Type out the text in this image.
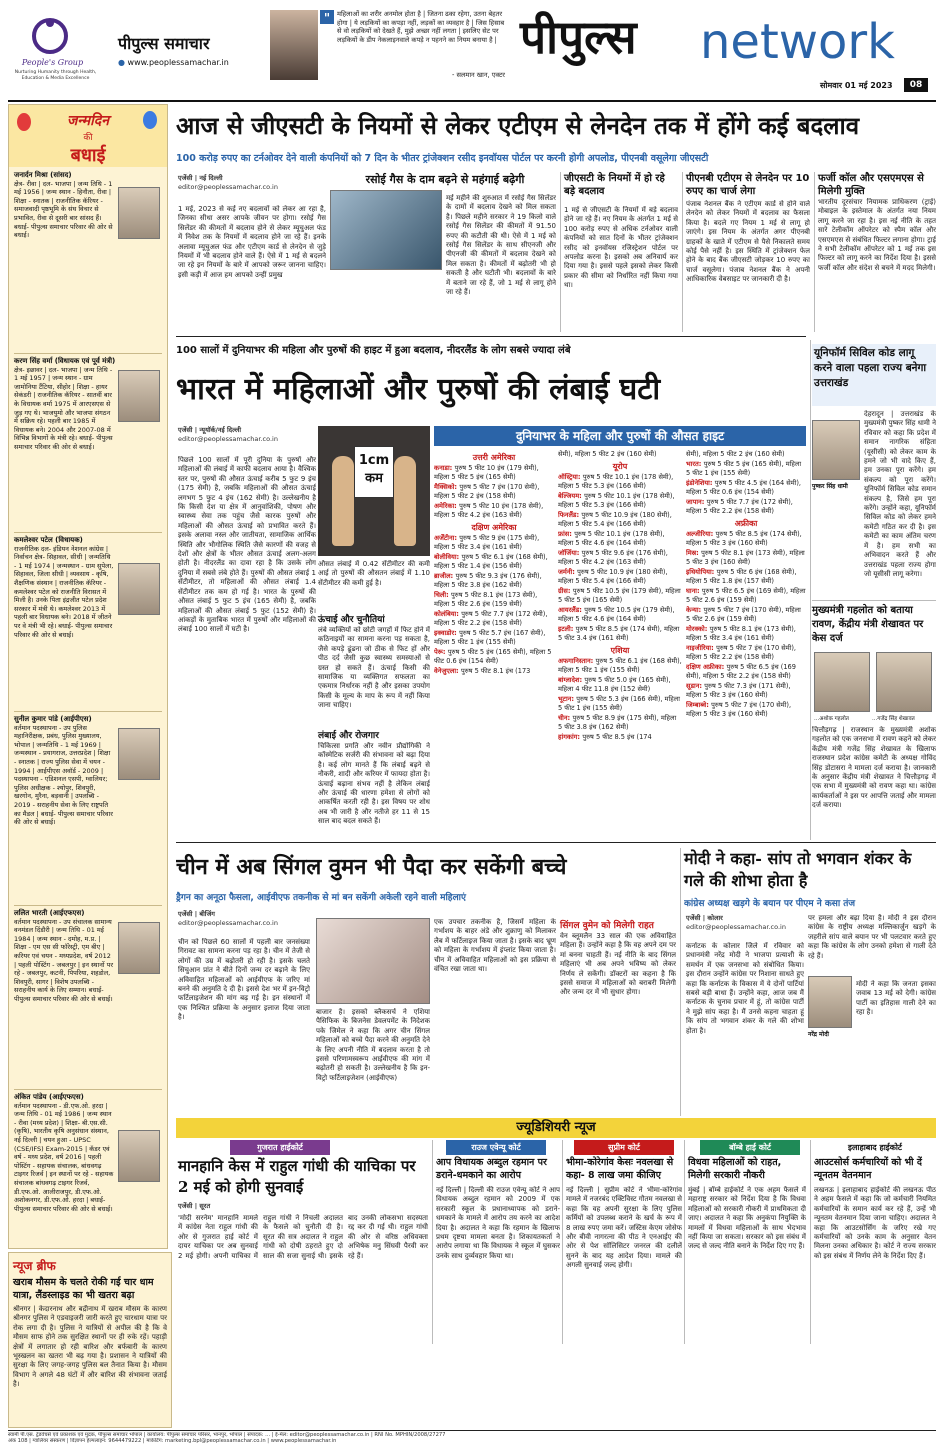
People's Group
Nurturing Humanity through Health, Education & Media Excellence
पीपुल्स समाचार
● www.peoplessamachar.in
"	महिलाओं का शरीर अनमोल होता है | जितना ढका रहेगा, उतना बेहतर होगा | ये लड़कियों का कपड़ा नहीं, लड़कों का व्यवहार है | जिस हिसाब से वो लड़कियों को देखते हैं, मुझे अच्छा नहीं लगता | इसलिए सेट पर लड़कियों के डीप नेकलाइनवाले कपड़े न पहनने का नियम बनाया है |
- सलमान खान, एक्टर
पीपुल्स network
सोमवार 01 मई 2023	08
जन्मदिन
की
बधाई
जनार्दन मिश्रा (सांसद)
क्षेत्र- रीवा | दल- भाजपा | जन्म तिथि - 1 मई 1956 | जन्म स्थान - हिनौता, रीवा | शिक्षा - स्नातक | राजनीतिक कॅरियर - समाजवादी पृष्ठभूमि के संघ विचार से प्रभावित, रीवा से दूसरी बार सांसद हैं। बधाई- पीपुल्स समाचार परिवार की ओर से बधाई।
करण सिंह वर्मा (विधायक एवं पूर्व मंत्री)
क्षेत्र- इछावर | दल- भाजपा | जन्म तिथि - 1 मई 1957 | जन्म स्थान - ग्राम जामोनिया टैंटिया, सीहोर | शिक्षा - हायर सेकंडरी | राजनीतिक कॅरियर - सातवीं बार के विधायक वर्मा 1975 में आरएसएस से जुड़ गए थे। भाजयुमो और भाजपा संगठन में सक्रिय रहे। पहली बार 1985 में विधायक बने। 2004 और 2007-08 में विभिन्न विभागों के मंत्री रहे। बधाई- पीपुल्स समाचार परिवार की ओर से बधाई।
कमलेश्वर पटेल (विधायक)
राजनीतिक दल- इंडियन नेशनल कांग्रेस | निर्वाचन क्षेत्र- सिहावल, सीधी | जन्मतिथि - 1 मई 1974 | जन्मस्थान - ग्राम सुपेला, सिहावल, जिला सीधी | व्यवसाय - कृषि, शैक्षणिक संस्थान | राजनीतिक कॅरियर - कमलेश्वर पटेल को राजनीति विरासत में मिली है। उनके पिता इंद्रजीत पटेल प्रदेश सरकार में मंत्री थे। कमलेश्वर 2013 में पहली बार विधायक बने। 2018 में जीतने पर वे मंत्री भी रहे। बधाई- पीपुल्स समाचार परिवार की ओर से बधाई।
सुनील कुमार पांडे (आईपीएस)
वर्तमान पदस्थापना - उप पुलिस महानिरीक्षक, प्रबंध, पुलिस मुख्यालय, भोपाल | जन्मतिथि - 1 मई 1969 | जन्मस्थान - प्रयागराज, उत्तरप्रदेश | शिक्षा - स्नातक | राज्य पुलिस सेवा में चयन - 1994 | आईपीएस अवॉर्ड - 2009 | पदस्थापना - एडिशनल एसपी, ग्वालियर; पुलिस अधीक्षक - श्योपुर, शिवपुरी, खरगोन, मुरैना, बड़वानी | उपलब्धि - 2019 - सराहनीय सेवा के लिए राष्ट्रपति का मैडल | बधाई- पीपुल्स समाचार परिवार की ओर से बधाई।
ललित भारती (आईएफएस)
वर्तमान पदस्थापना - उप संचालक सामान्य वनमंडल दिंडौरी | जन्म तिथि - 01 मई 1984 | जन्म स्थान - दमोह, म.प्र. | शिक्षा - एम एस सी फॉरेस्ट्री, एम बीए | करियर एवं चयन - मध्यप्रदेश, वर्ष 2012 | पहली पोस्टिंग - जबलपुर | इन स्थानों पर रहे - जबलपुर, कटनी, पिपरिया, शहडोल, शिवपुरी, सागर | विशेष उपलब्धि - सराहनीय कार्य के लिए सम्मान। बधाई- पीपुल्स समाचार परिवार की ओर से बधाई।
अंकित पांडेय (आईएफएस)
वर्तमान पदस्थापना - डी.एफ.ओ. हरदा | जन्म तिथि - 01 मई 1986 | जन्म स्थान - रीवा (मध्य प्रदेश) | शिक्षा- बी.एस.सी. (कृषि), भारतीय कृषि अनुसंधान संस्थान, नई दिल्ली | चयन हुआ - UPSC (CSE/IFS) Exam-2015 | कॅडर एवं वर्ष - मध्य प्रदेश, वर्ष 2016 | पहली पोस्टिंग - सहायक संचालक, बांधवगढ़ टाइगर रिजर्व | इन स्थानों पर रहे - सहायक संचालक बांधवगढ़ टाइगर रिजर्व, डी.एफ.ओ. आलीराजपुर, डी.एफ.ओ. अशोकनगर, डी.एफ.ओ. हरदा | बधाई- पीपुल्स समाचार परिवार की ओर से बधाई।
आज से जीएसटी के नियमों से लेकर एटीएम से लेनदेन तक में होंगे कई बदलाव
100 करोड़ रुपए का टर्नओवर देने वाली कंपनियों को 7 दिन के भीतर ट्रांजेक्शन रसीद इनवॉयस पोर्टल पर करनी होगी अपलोड, पीएनबी वसूलेगा जीएसटी
एजेंसी | नई दिल्ली
editor@peoplessamachar.co.in
1 मई, 2023 से कई नए बदलावों को लेकर आ रहा है, जिनका सीधा असर आपके जीवन पर होगा। रसोई गैस सिलेंडर की कीमतों में बदलाव होने से लेकर म्यूचुअल फंड में निवेश तक के नियमों में बदलाव होने जा रहे हैं। इनके अलावा म्यूचुअल फंड और एटीएम कार्ड से लेनदेन से जुड़े नियमों में भी बदलाव होने वाले हैं। ऐसे में 1 मई से बदलने जा रहे इन नियमों के बारे में आपको जरूर जानना चाहिए। इसी कड़ी में आज हम आपको उन्हीं प्रमुख
रसोई गैस के दाम बढ़ने से महंगाई बढ़ेगी
मई महीने की शुरुआत में रसोई गैस सिलेंडर के दामों में बदलाव देखने को मिल सकता है। पिछले महीने सरकार ने 19 किलो वाले रसोई गैस सिलेंडर की कीमतों में 91.50 रुपए की कटौती की थी। ऐसे में 1 मई को रसोई गैस सिलेंडर के साथ सीएनजी और पीएनजी की कीमतों में बदलाव देखने को मिल सकता है। कीमतों में बढ़ोतरी भी हो सकती है और घटौती भी। बदलावों के बारे में बताने जा रहे हैं, जो 1 मई से लागू होने जा रहे हैं।
जीएसटी के नियमों में हो रहे बड़े बदलाव
1 मई से जीएसटी के नियमों में बड़े बदलाव होने जा रहे हैं। नए नियम के अंतर्गत 1 मई से 100 करोड़ रुपए से अधिक टर्नओवर वाली कंपनियों को सात दिनों के भीतर ट्रांजेक्शन रसीद को इनवॉयस रजिस्ट्रेशन पोर्टल पर अपलोड करना है। इसको अब अनिवार्य कर दिया गया है। इससे पहले इसको लेकर किसी प्रकार की सीमा को निर्धारित नहीं किया गया था।
पीएनबी एटीएम से लेनदेन पर 10 रुपए का चार्ज लेगा
पंजाब नेशनल बैंक ने एटीएम कार्ड से होने वाले लेनदेन को लेकर नियमों में बदलाव का फैसला किया है। बदले गए नियम 1 मई से लागू हो जाएंगे। इस नियम के अंतर्गत अगर पीएनबी ग्राहकों के खाते में एटीएम से पैसे निकालते समय कोई पैसे नहीं है। इस स्थिति में ट्रांजेक्शन फेल होने के बाद बैंक जीएसटी जोड़कर 10 रुपए का चार्ज वसूलेगा। पंजाब नेशनल बैंक ने अपनी आधिकारिक वेबसाइट पर जानकारी दी है।
फर्जी कॉल और एसएमएस से मिलेगी मुक्ति
भारतीय दूरसंचार नियामक प्राधिकरण (ट्राई) मोबाइल के इस्तेमाल के अंतर्गत नया नियम लागू करने जा रहा है। इस नई नीति के तहत सारे टेलीकॉम ऑपरेटर को स्पैम कॉल और एसएमएस से संबंधित फिल्टर लगाना होगा। ट्राई ने सभी टेलीकॉम ऑपरेटर को 1 मई तक इस फिल्टर को लागू करने का निर्देश दिया है। इससे फर्जी कॉल और संदेश से बचने में मदद मिलेगी।
100 सालों में दुनियाभर की महिला और पुरुषों की हाइट में हुआ बदलाव, नीदरलैंड के लोग सबसे ज्यादा लंबे
भारत में महिलाओं और पुरुषों की लंबाई घटी
एजेंसी | न्यूयॉर्क/नई दिल्ली
editor@peoplessamachar.co.in
पिछले 100 सालों में पूरी दुनिया के पुरुषों और महिलाओं की लंबाई में काफी बदलाव आया है। वैश्विक स्तर पर, पुरुषों की औसत ऊंचाई करीब 5 फुट 9 इंच (175 सेमी) है, जबकि महिलाओं की औसत ऊंचाई लगभग 5 फुट 4 इंच (162 सेमी) है। उल्लेखनीय है कि किसी देश या क्षेत्र में आनुवांशिकी, पोषण और स्वास्थ्य सेवा तक पहुंच जैसे कारक पुरुषों और महिलाओं की औसत ऊंचाई को प्रभावित करते हैं। इसके अलावा नस्ल और जातीयता, सामाजिक आर्थिक स्थिति और भौगोलिक स्थिति जैसे कारणों की वजह से देशों और क्षेत्रों के भीतर औसत ऊंचाई अलग-अलग होती है। नीदरलैंड का दावा रहा है कि उसके लोग दुनिया में सबसे लंबे होते हैं। पुरुषों की औसत लंबाई 1 सेंटीमीटर, तो महिलाओं की औसत लंबाई 1.4 सेंटीमीटर तक कम हो गई है। भारत के पुरुषों की औसत लंबाई 5 फुट 5 इंच (165 सेमी) है, जबकि महिलाओं की औसत लंबाई 5 फुट (152 सेमी) है। आंकड़ों के मुताबिक भारत में पुरुषों और महिलाओं की लंबाई 100 सालों में घटी है।
1cm
कम
औसत लंबाई में 0.42 सेंटीमीटर की कमी आई तो पुरुषों की औसतन लंबाई में 1.10 सेंटीमीटर की कमी हुई है।
ऊंचाई और चुनौतियां
लंबे व्यक्तियों को छोटी जगहों में फिट होने में कठिनाइयों का सामना करना पड़ सकता है, जैसे कपड़े ढूंढना जो ठीक से फिट हों और पीठ दर्द जैसी कुछ स्वास्थ्य समस्याओं से ग्रस्त हो सकते हैं। ऊंचाई किसी की सामाजिक या व्यक्तिगत सफलता का एकमात्र निर्धारक नहीं है और इसका उपयोग किसी के मूल्य के माप के रूप में नहीं किया जाना चाहिए।
लंबाई और रोजगार
चिकित्सा प्रगति और नवीन प्रौद्योगिकी ने कॉस्मेटिक सर्जरी की संभावना को बढ़ा दिया है। कई लोग मानते हैं कि लंबाई बढ़ने से नौकरी, शादी और करियर में फायदा होता है। ऊंचाई बढ़ाना संभव नहीं है लेकिन लंबाई और ऊंचाई की धारणा हमेशा से लोगों को आकर्षित करती रही है। इस विषय पर शोध अब भी जारी है और नतीजे हर 11 से 15 साल बाद बदल सकते हैं।
दुनियाभर के महिला और पुरुषों की औसत हाइट
उत्तरी अमेरिका
कनाडा: पुरुष 5 फीट 10 इंच (179 सेमी), महिला 5 फीट 5 इंच (165 सेमी)
मैक्सिको: पुरुष 5 फीट 7 इंच (170 सेमी), महिला 5 फीट 2 इंच (158 सेमी)
अमेरिका: पुरुष 5 फीट 10 इंच (178 सेमी), महिला 5 फीट 4.2 इंच (163 सेमी)
दक्षिण अमेरिका
अर्जेंटीना: पुरुष 5 फीट 9 इंच (175 सेमी), महिला 5 फीट 3.4 इंच (161 सेमी)
बोलीविया: पुरुष 5 फीट 6.1 इंच (168 सेमी), महिला 5 फीट 1.4 इंच (156 सेमी)
ब्राजील: पुरुष 5 फीट 9.3 इंच (176 सेमी), महिला 5 फीट 3.8 इंच (162 सेमी)
चिली: पुरुष 5 फीट 8.1 इंच (173 सेमी), महिला 5 फीट 2.6 इंच (159 सेमी)
कोलंबिया: पुरुष 5 फीट 7.7 इंच (172 सेमी), महिला 5 फीट 2.2 इंच (158 सेमी)
इक्वाडोर: पुरुष 5 फीट 5.7 इंच (167 सेमी), महिला 5 फीट 1 इंच (155 सेमी)
पेरू: पुरुष 5 फीट 5 इंच (165 सेमी), महिला 5 फीट 0.6 इंच (154 सेमी)
वेनेजुएला: पुरुष 5 फीट 8.1 इंच (173
सेमी), महिला 5 फीट 2 इंच (160 सेमी)
यूरोप
ऑस्ट्रिया: पुरुष 5 फीट 10.1 इंच (178 सेमी), महिला 5 फीट 5.3 इंच (166 सेमी)
बेल्जियम: पुरुष 5 फीट 10.1 इंच (178 सेमी), महिला 5 फीट 5.3 इंच (166 सेमी)
फिनलैंड: पुरुष 5 फीट 10.9 इंच (180 सेमी), महिला 5 फीट 5.4 इंच (166 सेमी)
फ्रांस: पुरुष 5 फीट 10.1 इंच (178 सेमी), महिला 5 फीट 4.6 इंच (164 सेमी)
जॉर्जिया: पुरुष 5 फीट 9.6 इंच (176 सेमी), महिला 5 फीट 4.2 इंच (163 सेमी)
जर्मनी: पुरुष 5 फीट 10.9 इंच (180 सेमी), महिला 5 फीट 5.4 इंच (166 सेमी)
ग्रीस: पुरुष 5 फीट 10.5 इंच (179 सेमी), महिला 5 फीट 5 इंच (165 सेमी)
आयरलैंड: पुरुष 5 फीट 10.5 इंच (179 सेमी), महिला 5 फीट 4.6 इंच (164 सेमी)
इटली: पुरुष 5 फीट 8.5 इंच (174 सेमी), महिला 5 फीट 3.4 इंच (161 सेमी)
एशिया
अफगानिस्तान: पुरुष 5 फीट 6.1 इंच (168 सेमी), महिला 5 फीट 1 इंच (155 सेमी)
बांग्लादेश: पुरुष 5 फीट 5.0 इंच (165 सेमी), महिला 4 फीट 11.8 इंच (152 सेमी)
भूटान: पुरुष 5 फीट 5.3 इंच (166 सेमी), महिला 5 फीट 1 इंच (155 सेमी)
चीन: पुरुष 5 फीट 8.9 इंच (175 सेमी), महिला 5 फीट 3.8 इंच (162 सेमी)
हांगकांग: पुरुष 5 फीट 8.5 इंच (174
सेमी), महिला 5 फीट 2 इंच (160 सेमी)
भारत: पुरुष 5 फीट 5 इंच (165 सेमी), महिला 5 फीट 1 इंच (155 सेमी)
इंडोनेशिया: पुरुष 5 फीट 4.5 इंच (164 सेमी), महिला 5 फीट 0.6 इंच (154 सेमी)
जापान: पुरुष 5 फीट 7.7 इंच (172 सेमी), महिला 5 फीट 2.2 इंच (158 सेमी)
अफ्रीका
अल्जीरिया: पुरुष 5 फीट 8.5 इंच (174 सेमी), महिला 5 फीट 3 इंच (160 सेमी)
मिस्र: पुरुष 5 फीट 8.1 इंच (173 सेमी), महिला 5 फीट 3 इंच (160 सेमी)
इथियोपिया: पुरुष 5 फीट 6 इंच (168 सेमी), महिला 5 फीट 1.8 इंच (157 सेमी)
घाना: पुरुष 5 फीट 6.5 इंच (169 सेमी), महिला 5 फीट 2.6 इंच (159 सेमी)
केन्या: पुरुष 5 फीट 7 इंच (170 सेमी), महिला 5 फीट 2.6 इंच (159 सेमी)
मोरक्को: पुरुष 5 फीट 8.1 इंच (173 सेमी), महिला 5 फीट 3.4 इंच (161 सेमी)
नाइजीरिया: पुरुष 5 फीट 7 इंच (170 सेमी), महिला 5 फीट 2.2 इंच (158 सेमी)
दक्षिण अफ्रीका: पुरुष 5 फीट 6.5 इंच (169 सेमी), महिला 5 फीट 2.2 इंच (158 सेमी)
सूडान: पुरुष 5 फीट 7.3 इंच (171 सेमी), महिला 5 फीट 3 इंच (160 सेमी)
जिम्बाब्वे: पुरुष 5 फीट 7 इंच (170 सेमी), महिला 5 फीट 3 इंच (160 सेमी)
यूनिफॉर्म सिविल कोड लागू करने वाला पहला राज्य बनेगा उत्तराखंड
पुष्कर सिंह धामी
देहरादून | उत्तराखंड के मुख्यमंत्री पुष्कर सिंह धामी ने रविवार को कहा कि प्रदेश में समान नागरिक संहिता (यूसीसी) को लेकर काम के हमने जो भी वादे किए हैं, हम उनका पूरा करेंगे। हम संकल्प को पूरा करेंगे। यूनिफॉर्म सिविल कोड समान संकल्प है, जिसे हम पूरा करेंगे। उन्होंने कहा, यूनिफॉर्म सिविल कोड को लेकर हमने कमेटी गठित कर दी है। इस कमेटी का काम अंतिम चरण में है। हम सभी का अभिवादन करते हैं और उत्तराखंड पहला राज्य होगा जो यूसीसी लागू करेगा।
मुख्यमंत्री गहलोत को बताया रावण, केंद्रीय मंत्री शेखावत पर केस दर्ज
...अशोक गहलोत	...गजेंद्र सिंह शेखावत
चित्तौड़गढ़ | राजस्थान के मुख्यमंत्री अशोक गहलोत को एक जनसभा में रावण कहने को लेकर केंद्रीय मंत्री गजेंद्र सिंह शेखावत के खिलाफ राजस्थान प्रदेश कांग्रेस कमेटी के अध्यक्ष गोविंद सिंह डोटासरा ने मामला दर्ज कराया है। जानकारी के अनुसार केंद्रीय मंत्री शेखावत ने चित्तौड़गढ़ में एक सभा में मुख्यमंत्री को रावण कहा था। कांग्रेस कार्यकर्ताओं ने इस पर आपत्ति जताई और मामला दर्ज कराया।
चीन में अब सिंगल वुमन भी पैदा कर सकेंगी बच्चे
ड्रैगन का अनूठा फैसला, आईवीएफ तकनीक से मां बन सकेंगी अकेली रहने वाली महिलाएं
एजेंसी | बीजिंग
editor@peoplessamachar.co.in
चीन को पिछले 60 सालों में पहली बार जनसंख्या गिरावट का सामना करना पड़ रहा है। चीन में तेजी से लोगों की उम्र में बढ़ोतरी हो रही है। इसके चलते सिचुआन प्रांत ने बीते दिनों जन्म दर बढ़ाने के लिए अविवाहित महिलाओं को आईवीएफ के जरिए मां बनने की अनुमति दे दी है। इससे देश भर में इन-विट्रो फर्टिलाइजेशन की मांग बढ़ गई है। इन संस्थानों में एक निश्चित प्रक्रिया के अनुसार इलाज दिया जाता है।
बाजार है। इसको ब्लैकसर्च ने एशिया पैसिफिक के बिजनेस डेवलपमेंट के निदेशक पके जिमेल ने कहा कि अगर चीन सिंगल महिलाओं को बच्चे पैदा करने की अनुमति देने के लिए अपनी नीति में बदलाव करता है तो इससे परिणामस्वरूप आईवीएफ की मांग में बढ़ोतरी हो सकती है। उल्लेखनीय है कि इन-विट्रो फर्टिलाइजेशन (आईवीएफ)
एक उपचार तकनीक है, जिसमें महिला के गर्भाशय के बाहर अंडे और शुक्राणु को मिलाकर लैब में फर्टिलाइज किया जाता है। इसके बाद भ्रूण को महिला के गर्भाशय में इंप्लांट किया जाता है। चीन में अविवाहित महिलाओं को इस प्रक्रिया से वंचित रखा जाता था।
सिंगल वुमेन को मिलेगी राहत
वेन ब्लूमलैन 33 साल की एक अविवाहित महिला हैं। उन्होंने कहा है कि वह अपने दम पर मां बनना चाहती हैं। नई नीति के बाद सिंगल महिलाएं भी अब अपने भविष्य को लेकर निर्णय ले सकेंगी। डॉक्टरों का कहना है कि इससे समाज में महिलाओं को बराबरी मिलेगी और जन्म दर में भी सुधार होगा।
मोदी ने कहा- सांप तो भगवान शंकर के गले की शोभा होता है
कांग्रेस अध्यक्ष खड़गे के बयान पर पीएम ने कसा तंज
एजेंसी | कोलार
editor@peoplessamachar.co.in
कर्नाटक के कोलार जिले में रविवार को प्रधानमंत्री नरेंद्र मोदी ने भाजपा प्रत्याशी के समर्थन में एक जनसभा को संबोधित किया। इस दौरान उन्होंने कांग्रेस पर निशाना साधते हुए कहा कि कर्नाटक के विकास में ये दोनों पार्टियां सबसे बड़ी बाधा हैं। उन्होंने कहा, आज जब मैं कर्नाटक के चुनाव प्रचार में हूं, तो कांग्रेस पार्टी ने मुझे सांप कहा है। मैं उनसे कहना चाहता हूं कि सांप तो भगवान शंकर के गले की शोभा होता है।
पर हमला और बढ़ा दिया है। मोदी ने इस दौरान कांग्रेस के राष्ट्रीय अध्यक्ष मल्लिकार्जुन खड़गे के जहरीले सांप वाले बयान पर भी पलटवार करते हुए कहा कि कांग्रेस के लोग उनको हमेशा से गाली देते रहे हैं।
नरेंद्र मोदी
मोदी ने कहा कि जनता इसका जवाब 13 मई को देगी। कांग्रेस पार्टी का इतिहास गाली देने का रहा है।
ज्यूडिशियरी न्यूज
गुजरात हाईकोर्ट
मानहानि केस में राहुल गांधी की याचिका पर 2 मई को होगी सुनवाई
एजेंसी | सूरत
'मोदी सरनेम' मानहानि मामले में कांग्रेस नेता राहुल गांधी की ओर से गुजरात हाई कोर्ट में दायर याचिका पर अब सुनवाई 2 मई होगी। अपनी याचिका में राहुल गांधी ने निचली अदालत के फैसले को चुनौती दी है। सूरत की सत्र अदालत ने राहुल गांधी को दोषी ठहराते हुए दो साल की सजा सुनाई थी। इसके बाद उनकी लोकसभा सदस्यता रद्द कर दी गई थी। राहुल गांधी की ओर से वरिष्ठ अधिवक्ता अभिषेक मनु सिंघवी पैरवी कर रहे हैं।
राउज एवेन्यू कोर्ट
आप विधायक अब्दुल रहमान पर डराने-धमकाने का आरोप
नई दिल्ली | दिल्ली की राउज एवेन्यू कोर्ट ने आप विधायक अब्दुल रहमान को 2009 में एक सरकारी स्कूल के प्रधानाध्यापक को डराने-धमकाने के मामले में आरोप तय करने का आदेश दिया है। अदालत ने कहा कि रहमान के खिलाफ प्रथम दृष्टया मामला बनता है। शिकायतकर्ता ने आरोप लगाया था कि विधायक ने स्कूल में घुसकर उनके साथ दुर्व्यवहार किया था।
सुप्रीम कोर्ट
भीमा-कोरेगांव केसः नवलखा से कहा- 8 लाख जमा कीजिए
नई दिल्ली | सुप्रीम कोर्ट ने भीमा-कोरेगांव मामले में नजरबंद एक्टिविस्ट गौतम नवलखा से कहा कि वह अपनी सुरक्षा के लिए पुलिस कर्मियों को उपलब्ध कराने के खर्च के रूप में 8 लाख रुपए जमा करें। जस्टिस केएम जोसेफ और बीवी नागरत्ना की पीठ ने एनआईए की ओर से पेश सॉलिसिटर जनरल की दलीलें सुनने के बाद यह आदेश दिया। मामले की अगली सुनवाई जल्द होगी।
बॉम्बे हाई कोर्ट
विधवा महिलाओं को राहत, मिलेगी सरकारी नौकरी
मुंबई | बॉम्बे हाईकोर्ट ने एक अहम फैसले में महाराष्ट्र सरकार को निर्देश दिया है कि विधवा महिलाओं को सरकारी नौकरी में प्राथमिकता दी जाए। अदालत ने कहा कि अनुकंपा नियुक्ति के मामलों में विधवा महिलाओं के साथ भेदभाव नहीं किया जा सकता। सरकार को इस संबंध में जल्द से जल्द नीति बनाने के निर्देश दिए गए हैं।
इलाहाबाद हाईकोर्ट
आउटसोर्स कर्मचारियों को भी दें न्यूनतम वेतनमान
लखनऊ | इलाहाबाद हाईकोर्ट की लखनऊ पीठ ने अहम फैसले में कहा कि जो कर्मचारी नियमित कर्मचारियों के समान कार्य कर रहे हैं, उन्हें भी न्यूनतम वेतनमान दिया जाना चाहिए। अदालत ने कहा कि आउटसोर्सिंग के जरिए रखे गए कर्मचारियों को उनके काम के अनुसार वेतन मिलना उनका अधिकार है। कोर्ट ने राज्य सरकार को इस संबंध में निर्णय लेने के निर्देश दिए हैं।
न्यूज ब्रीफ
खराब मौसम के चलते रोकी गई चार धाम यात्रा, लैंडस्लाइड का भी खतरा बढ़ा
श्रीनगर | केदारनाथ और बद्रीनाथ में खराब मौसम के कारण श्रीनगर पुलिस ने एडवाइजरी जारी करते हुए चारधाम यात्रा पर रोक लगा दी है। पुलिस ने यात्रियों से अपील की है कि वे मौसम साफ होने तक सुरक्षित स्थानों पर ही रुके रहें। पहाड़ी क्षेत्रों में लगातार हो रही बारिश और बर्फबारी के कारण भूस्खलन का खतरा भी बढ़ गया है। प्रशासन ने यात्रियों की सुरक्षा के लिए जगह-जगह पुलिस बल तैनात किया है। मौसम विभाग ने अगले 48 घंटों में और बारिश की संभावना जताई है।
स्वामी पी.एस. ट्रेडवेंचर्स एवं प्रकाशक एवं मुद्रक, पीपुल्स समाचार भोपाल | कार्यालय: पीपुल्स समाचार परिसर, भानपुर, भोपाल | संपादक: ... | ई-मेल: editor@peoplessamachar.co.in | RNI No. MPHIN/2008/27277
अंक 108 | ग्वालियर संस्करण | विज्ञापन हेल्पलाइन: 9644479222 | मार्केटिंग: marketing.bpl@peoplessamachar.co.in | www.peoplessamachar.in
